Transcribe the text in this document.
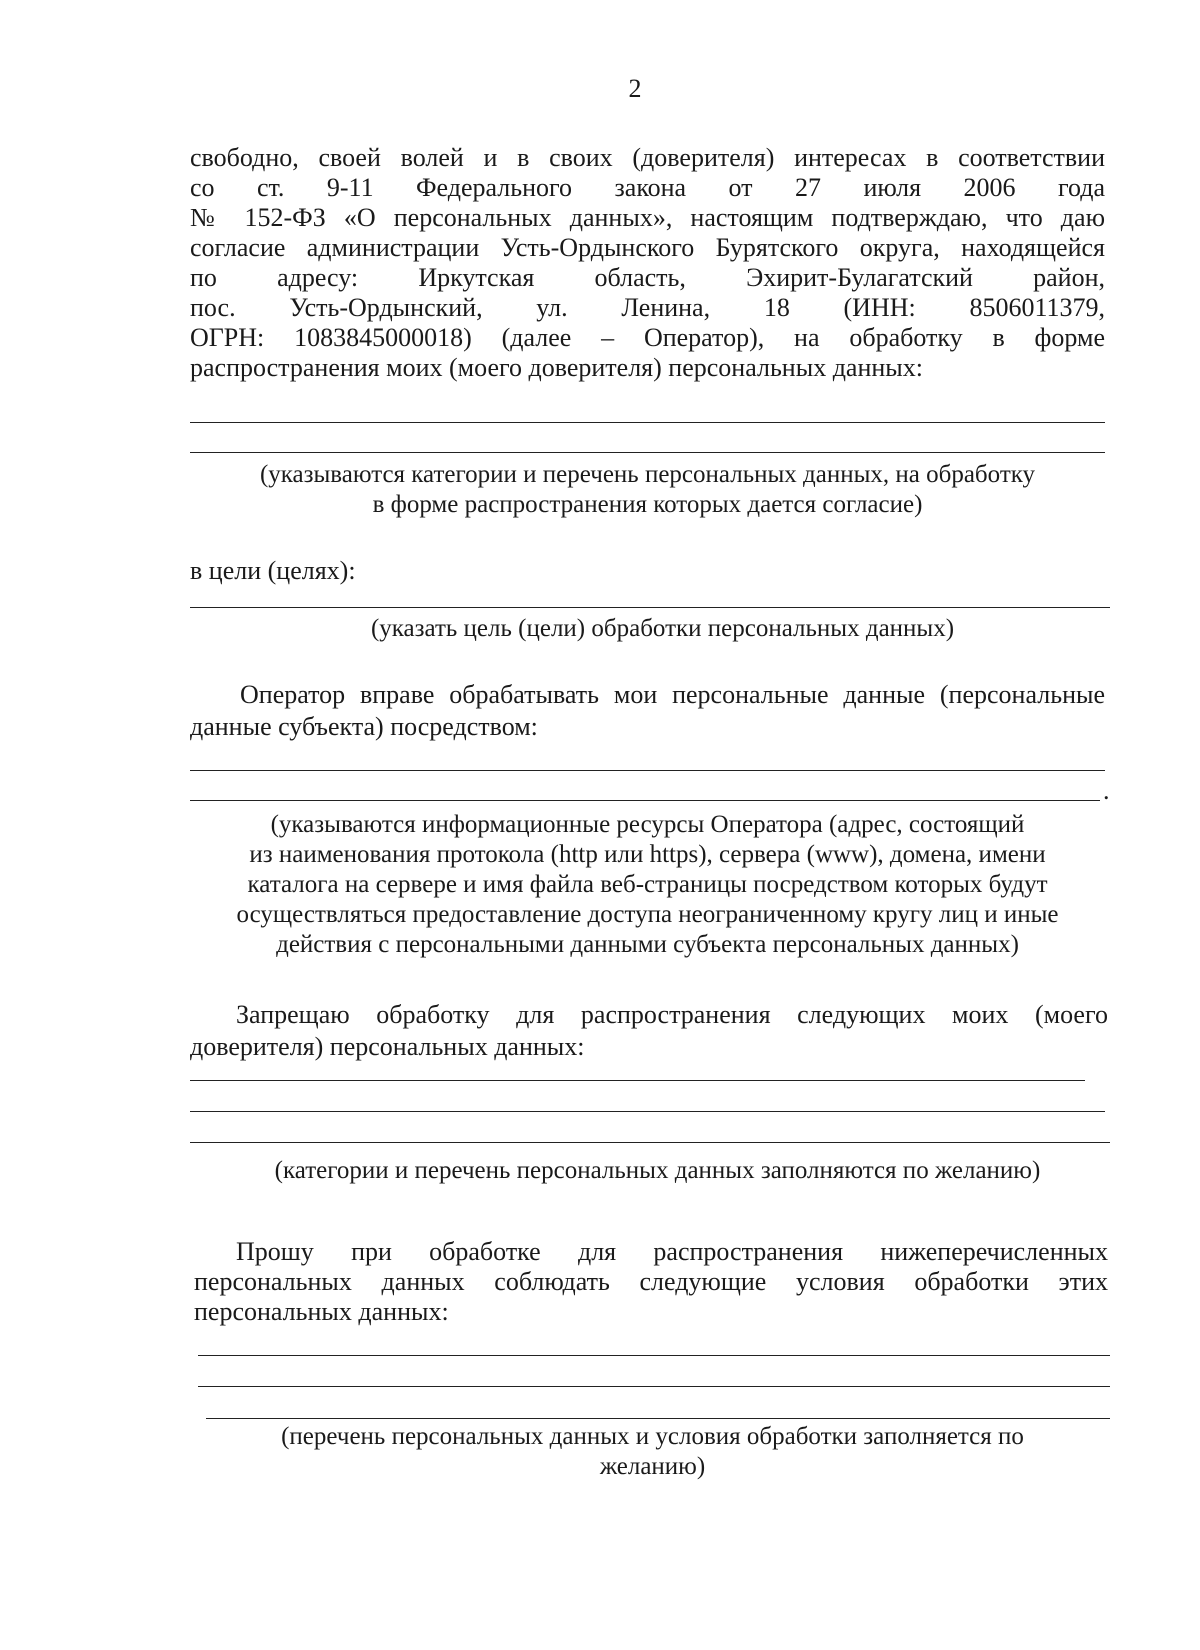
2
свободно, своей волей и в своих (доверителя) интересах в соответствии
со ст. 9-11 Федерального закона от 27 июля 2006 года
№ 152-ФЗ «О персональных данных», настоящим подтверждаю, что даю
согласие администрации Усть-Ордынского Бурятского округа, находящейся
по адресу: Иркутская область, Эхирит-Булагатский район,
пос. Усть-Ордынский, ул. Ленина, 18 (ИНН: 8506011379,
ОГРН: 1083845000018) (далее – Оператор), на обработку в форме
распространения моих (моего доверителя) персональных данных:
(указываются категории и перечень персональных данных, на обработку
в форме распространения которых дается согласие)
в цели (целях):
(указать цель (цели) обработки персональных данных)
Оператор вправе обрабатывать мои персональные данные (персональные
данные субъекта) посредством:
.
(указываются информационные ресурсы Оператора (адрес, состоящий
из наименования протокола (http или https), сервера (www), домена, имени
каталога на сервере и имя файла веб-страницы посредством которых будут
осуществляться предоставление доступа неограниченному кругу лиц и иные
действия с персональными данными субъекта персональных данных)
Запрещаю обработку для распространения следующих моих (моего
доверителя) персональных данных:
(категории и перечень персональных данных заполняются по желанию)
Прошу при обработке для распространения нижеперечисленных
персональных данных соблюдать следующие условия обработки этих
персональных данных:
(перечень персональных данных и условия обработки заполняется по
желанию)
